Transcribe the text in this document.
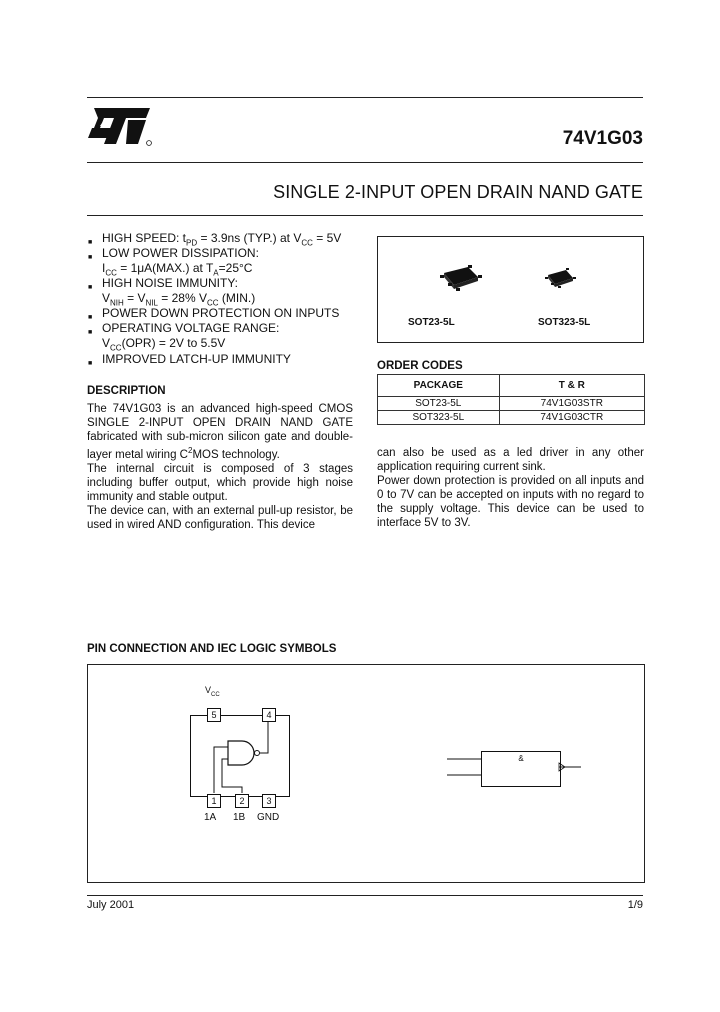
74V1G03
SINGLE 2-INPUT OPEN DRAIN NAND GATE
■ HIGH SPEED: $t_{PD} = 3.9ns$ (TYP.) at $V_{CC} = 5V$
■ LOW POWER DISSIPATION:
$I_{CC} = 1\mu A(MAX.)$ at $T_A=25^\circ C$
■ HIGH NOISE IMMUNITY:
$V_{NIH} = V_{NIL} = 28\%$ $V_{CC}$ (MIN.)
■ POWER DOWN PROTECTION ON INPUTS
■ OPERATING VOLTAGE RANGE:
$V_{CC}(OPR) = 2V$ to 5.5V
■ IMPROVED LATCH-UP IMMUNITY
SOT23-5L	SOT323-5L
ORDER CODES
PACKAGE	T & R
SOT23-5L	74V1G03STR
SOT323-5L	74V1G03CTR
DESCRIPTION
The 74V1G03 is an advanced high-speed CMOS SINGLE 2-INPUT OPEN DRAIN NAND GATE fabricated with sub-micron silicon gate and double-layer metal wiring $C^2MOS$ technology.
The internal circuit is composed of 3 stages including buffer output, which provide high noise immunity and stable output.
The device can, with an external pull-up resistor, be used in wired AND configuration. This device
can also be used as a led driver in any other application requiring current sink.
Power down protection is provided on all inputs and 0 to 7V can be accepted on inputs with no regard to the supply voltage. This device can be used to interface 5V to 3V.
PIN CONNECTION AND IEC LOGIC SYMBOLS
$V_{CC}$
5	4
1	2	3
1A 1B GND
&
July 2001	1/9
